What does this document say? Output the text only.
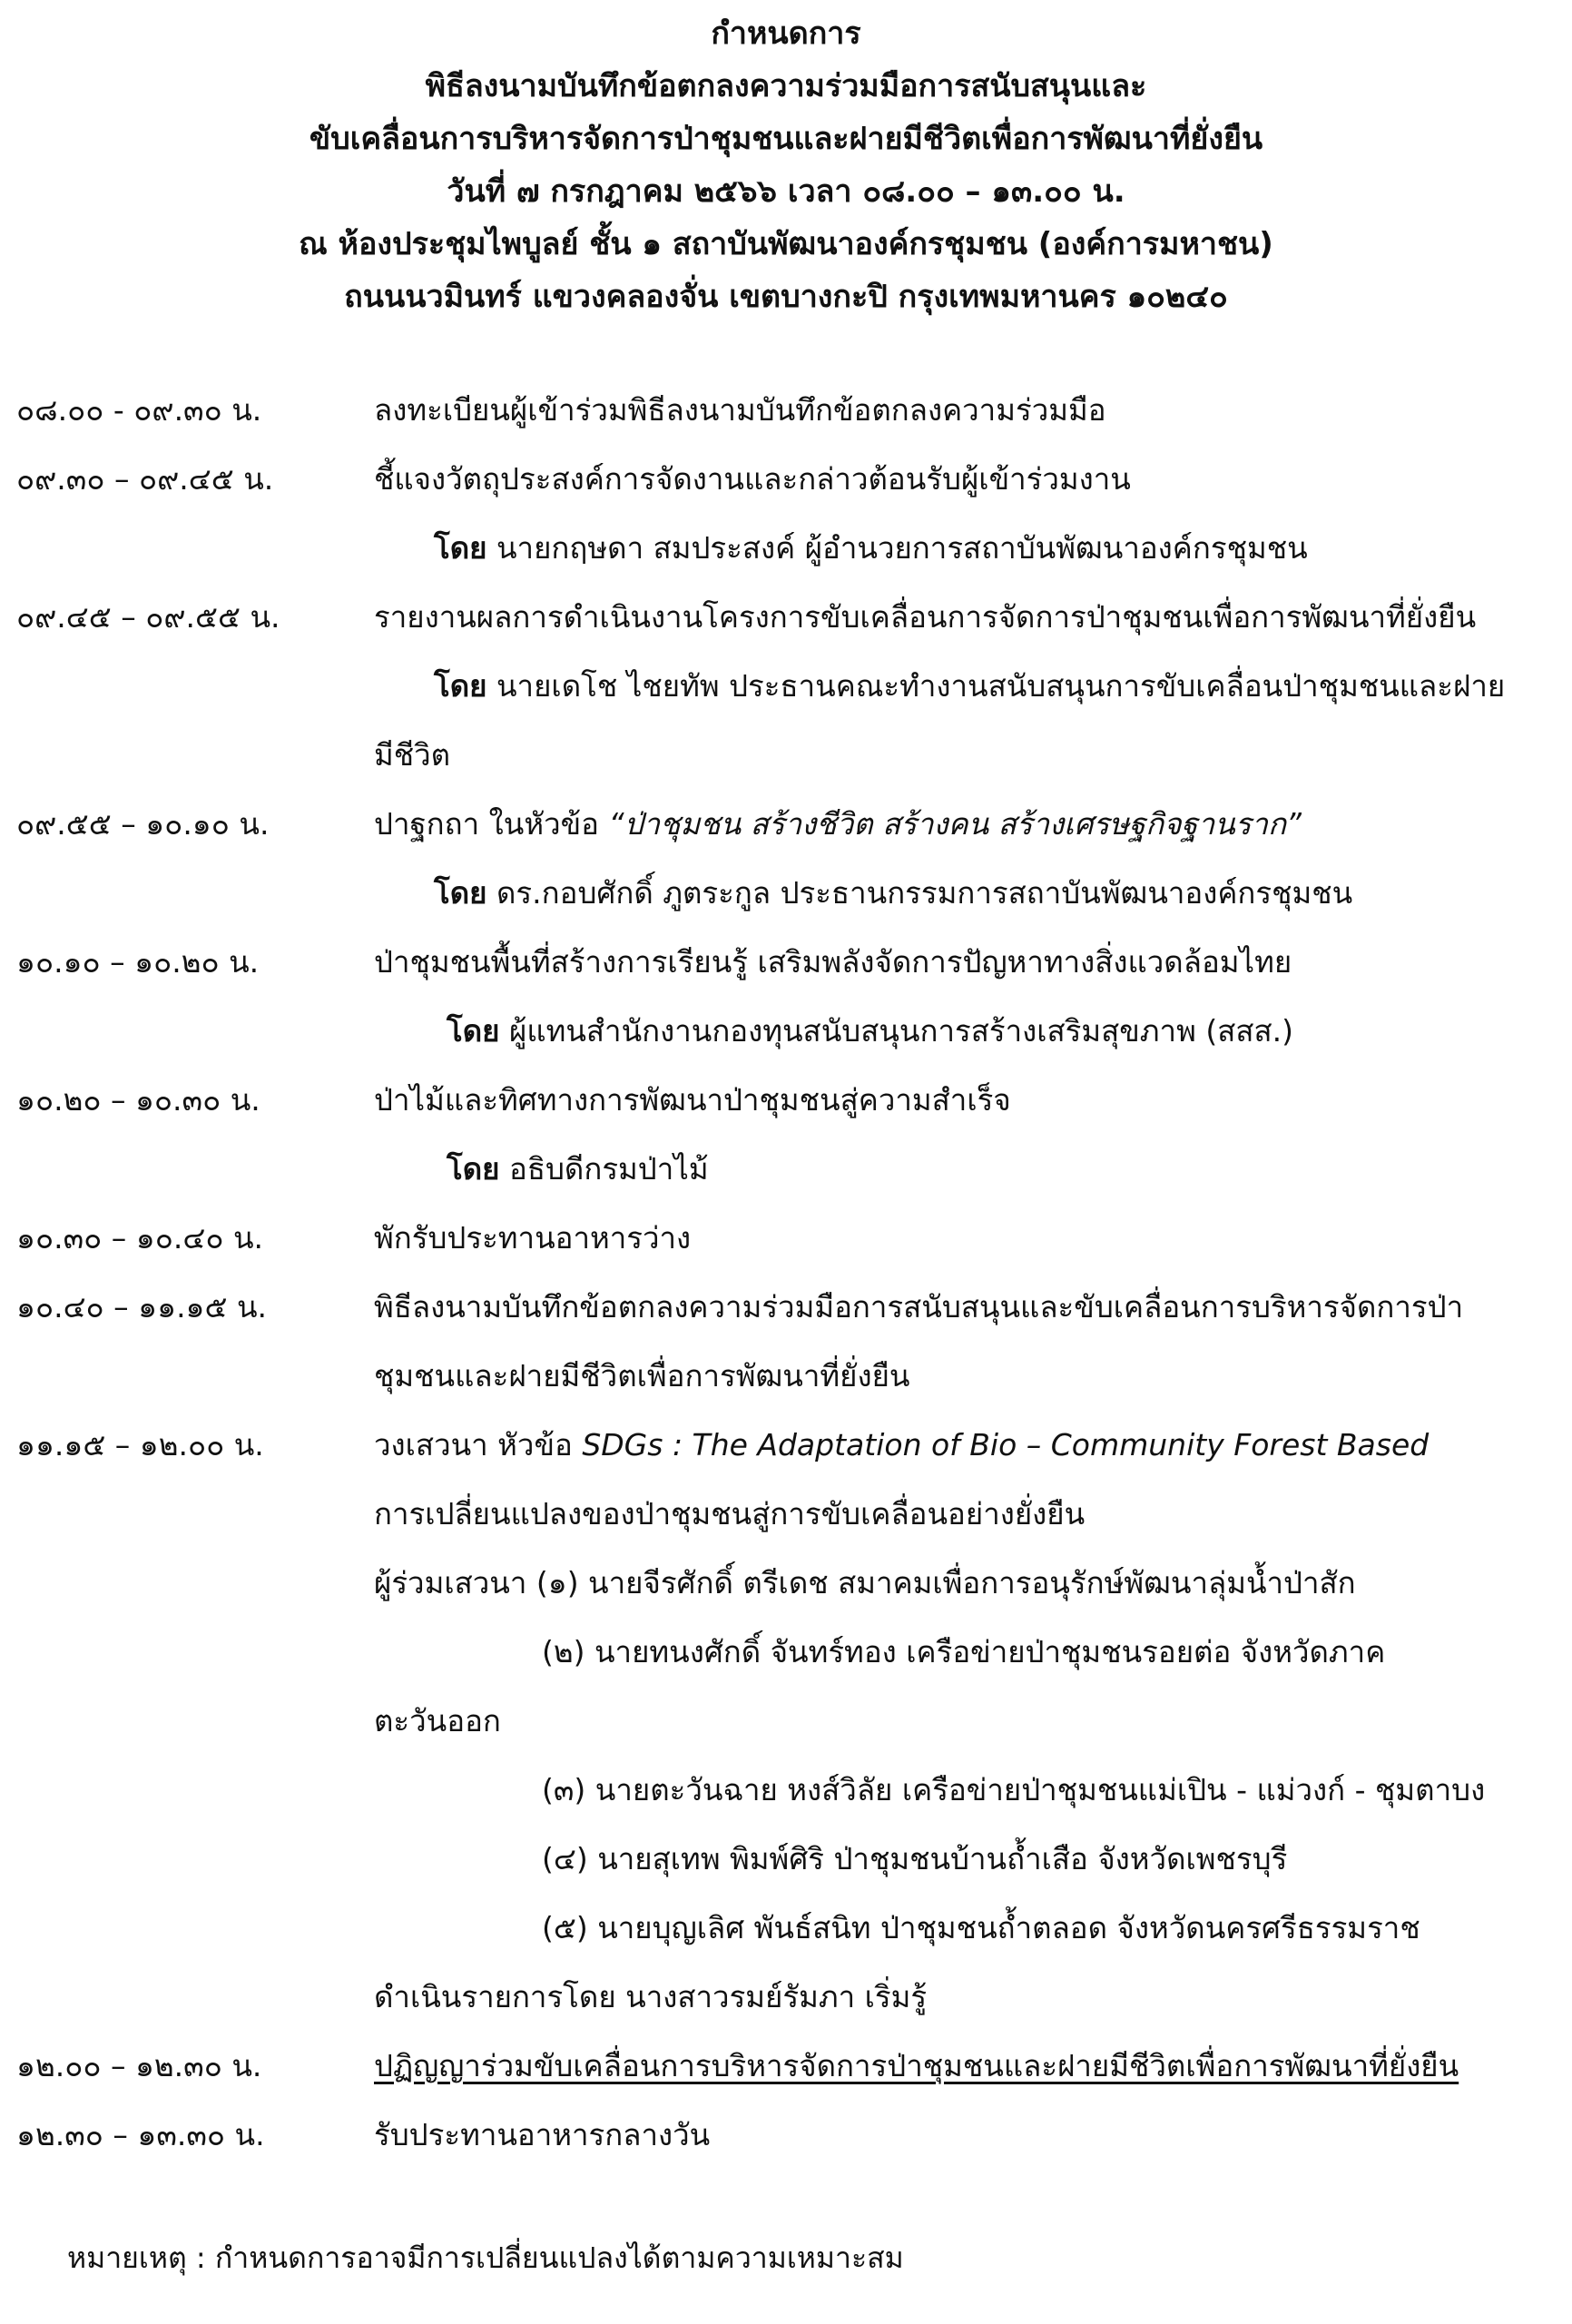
กำหนดการ
พิธีลงนามบันทึกข้อตกลงความร่วมมือการสนับสนุนและ
ขับเคลื่อนการบริหารจัดการป่าชุมชนและฝายมีชีวิตเพื่อการพัฒนาที่ยั่งยืน
วันที่ ๗ กรกฎาคม ๒๕๖๖ เวลา ๐๘.๐๐ – ๑๓.๐๐ น.
ณ ห้องประชุมไพบูลย์ ชั้น ๑ สถาบันพัฒนาองค์กรชุมชน (องค์การมหาชน)
ถนนนวมินทร์ แขวงคลองจั่น เขตบางกะปิ กรุงเทพมหานคร ๑๐๒๔๐
๐๘.๐๐ - ๐๙.๓๐ น.	ลงทะเบียนผู้เข้าร่วมพิธีลงนามบันทึกข้อตกลงความร่วมมือ
๐๙.๓๐ – ๐๙.๔๕ น.	ชี้แจงวัตถุประสงค์การจัดงานและกล่าวต้อนรับผู้เข้าร่วมงาน
โดย นายกฤษดา สมประสงค์ ผู้อำนวยการสถาบันพัฒนาองค์กรชุมชน
๐๙.๔๕ – ๐๙.๕๕ น.	รายงานผลการดำเนินงานโครงการขับเคลื่อนการจัดการป่าชุมชนเพื่อการพัฒนาที่ยั่งยืน
โดย นายเดโช ไชยทัพ ประธานคณะทำงานสนับสนุนการขับเคลื่อนป่าชุมชนและฝาย
มีชีวิต
๐๙.๕๕ – ๑๐.๑๐ น.	ปาฐกถา ในหัวข้อ “ป่าชุมชน สร้างชีวิต สร้างคน สร้างเศรษฐกิจฐานราก”
โดย ดร.กอบศักดิ์ ภูตระกูล ประธานกรรมการสถาบันพัฒนาองค์กรชุมชน
๑๐.๑๐ – ๑๐.๒๐ น.	ป่าชุมชนพื้นที่สร้างการเรียนรู้ เสริมพลังจัดการปัญหาทางสิ่งแวดล้อมไทย
โดย ผู้แทนสำนักงานกองทุนสนับสนุนการสร้างเสริมสุขภาพ (สสส.)
๑๐.๒๐ – ๑๐.๓๐ น.	ป่าไม้และทิศทางการพัฒนาป่าชุมชนสู่ความสำเร็จ
โดย อธิบดีกรมป่าไม้
๑๐.๓๐ – ๑๐.๔๐ น.	พักรับประทานอาหารว่าง
๑๐.๔๐ – ๑๑.๑๕ น.	พิธีลงนามบันทึกข้อตกลงความร่วมมือการสนับสนุนและขับเคลื่อนการบริหารจัดการป่า
ชุมชนและฝายมีชีวิตเพื่อการพัฒนาที่ยั่งยืน
๑๑.๑๕ – ๑๒.๐๐ น.	วงเสวนา หัวข้อ SDGs : The Adaptation of Bio – Community Forest Based
การเปลี่ยนแปลงของป่าชุมชนสู่การขับเคลื่อนอย่างยั่งยืน
ผู้ร่วมเสวนา (๑) นายจีรศักดิ์ ตรีเดช สมาคมเพื่อการอนุรักษ์พัฒนาลุ่มน้ำป่าสัก
(๒) นายทนงศักดิ์ จันทร์ทอง เครือข่ายป่าชุมชนรอยต่อ จังหวัดภาค
ตะวันออก
(๓) นายตะวันฉาย หงส์วิลัย เครือข่ายป่าชุมชนแม่เปิน - แม่วงก์ - ชุมตาบง
(๔) นายสุเทพ พิมพ์ศิริ ป่าชุมชนบ้านถ้ำเสือ จังหวัดเพชรบุรี
(๕) นายบุญเลิศ พันธ์สนิท ป่าชุมชนถ้ำตลอด จังหวัดนครศรีธรรมราช
ดำเนินรายการโดย นางสาวรมย์รัมภา เริ่มรู้
๑๒.๐๐ – ๑๒.๓๐ น.	ปฏิญญาร่วมขับเคลื่อนการบริหารจัดการป่าชุมชนและฝายมีชีวิตเพื่อการพัฒนาที่ยั่งยืน
๑๒.๓๐ – ๑๓.๓๐ น.	รับประทานอาหารกลางวัน
หมายเหตุ : กำหนดการอาจมีการเปลี่ยนแปลงได้ตามความเหมาะสม
